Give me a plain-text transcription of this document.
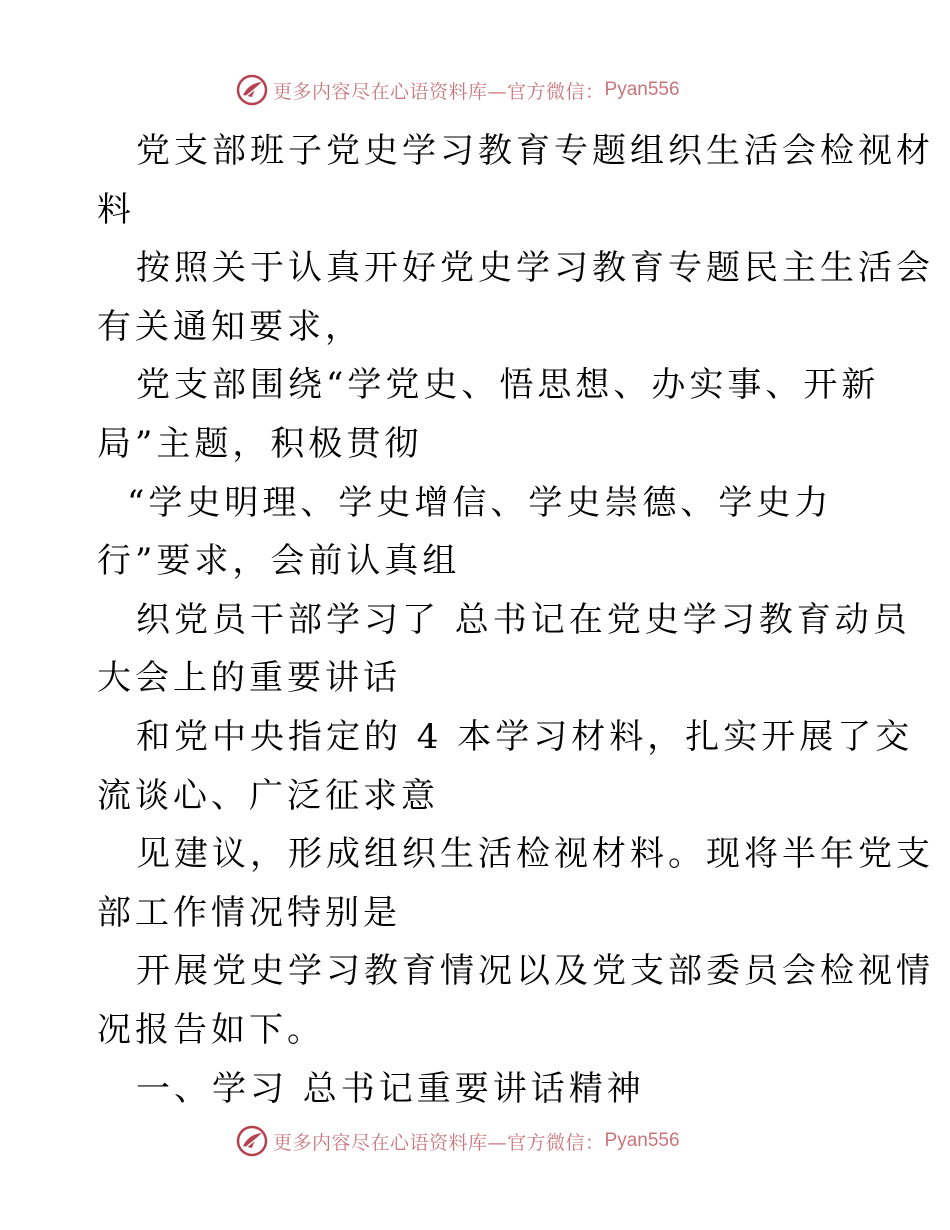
更多内容尽在心语资料库—官方微信： Pyan556
党支部班子党史学习教育专题组织生活会检视材
料
按照关于认真开好党史学习教育专题民主生活会
有关通知要求，
党支部围绕“学党史、悟思想、办实事、开新
局”主题，积极贯彻
“学史明理、学史增信、学史崇德、学史力
行”要求，会前认真组
织党员干部学习了 总书记在党史学习教育动员
大会上的重要讲话
和党中央指定的 4 本学习材料，扎实开展了交
流谈心、广泛征求意
见建议，形成组织生活检视材料。现将半年党支
部工作情况特别是
开展党史学习教育情况以及党支部委员会检视情
况报告如下。
一、学习 总书记重要讲话精神
更多内容尽在心语资料库—官方微信： Pyan556
